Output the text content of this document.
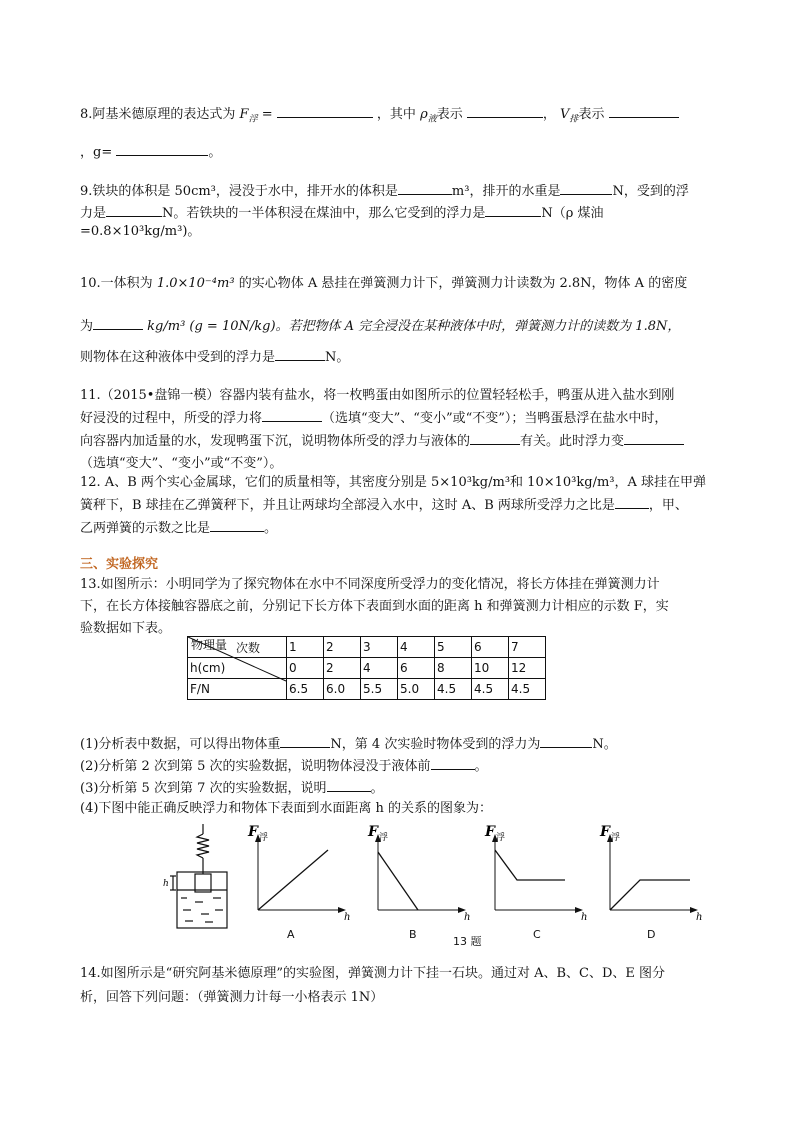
8.阿基米德原理的表达式为 $F_浮$ =	，其中 $\rho_液$表示	， $V_排$表示

，g=	。

9.铁块的体积是 50cm³，浸没于水中，排开水的体积是	m³，排开的水重是	N，受到的浮

力是	N。若铁块的一半体积浸在煤油中，那么它受到的浮力是	N（ρ 煤油

=0.8×10³kg/m³)。

10.一体积为 1.0×10⁻⁴m³ 的实心物体 A 悬挂在弹簧测力计下，弹簧测力计读数为 2.8N，物体 A 的密度

为	kg/m³ (g = 10N/kg)。若把物体 A 完全浸没在某种液体中时，弹簧测力计的读数为 1.8N，

则物体在这种液体中受到的浮力是	N。

11.（2015•盘锦一模）容器内装有盐水，将一枚鸭蛋由如图所示的位置轻轻松手，鸭蛋从进入盐水到刚
好浸没的过程中，所受的浮力将	（选填“变大”、“变小”或“不变”）；当鸭蛋悬浮在盐水中时，
向容器内加适量的水，发现鸭蛋下沉，说明物体所受的浮力与液体的	有关。此时浮力变
（选填“变大”、“变小”或“不变”）。

12. A、B 两个实心金属球，它们的质量相等，其密度分别是 5×10³kg/m³和 10×10³kg/m³，A 球挂在甲弹
簧秤下，B 球挂在乙弹簧秤下，并且让两球均全部浸入水中，这时 A、B 两球所受浮力之比是	，甲、
乙两弹簧的示数之比是	。

三、实验探究

13.如图所示：小明同学为了探究物体在水中不同深度所受浮力的变化情况，将长方体挂在弹簧测力计
下，在长方体接触容器底之前，分别记下长方体下表面到水面的距离 h 和弹簧测力计相应的示数 F，实
验数据如下表。

次数
物理量	1	2	3	4	5	6	7
h(cm)	0	2	4	6	8	10	12
F/N	6.5	6.0	5.5	5.0	4.5	4.5	4.5

(1)分析表中数据，可以得出物体重	N，第 4 次实验时物体受到的浮力为	N。
(2)分析第 2 次到第 5 次的实验数据，说明物体浸没于液体前	。
(3)分析第 5 次到第 7 次的实验数据，说明	。
(4)下图中能正确反映浮力和物体下表面到水面距离 h 的关系的图象为：

h
F 浮
h
F 浮
h
F 浮
h
F 浮
h
A	B
13 题
C	D

14.如图所示是“研究阿基米德原理”的实验图，弹簧测力计下挂一石块。通过对 A、B、C、D、E 图分
析，回答下列问题：（弹簧测力计每一小格表示 1N）
